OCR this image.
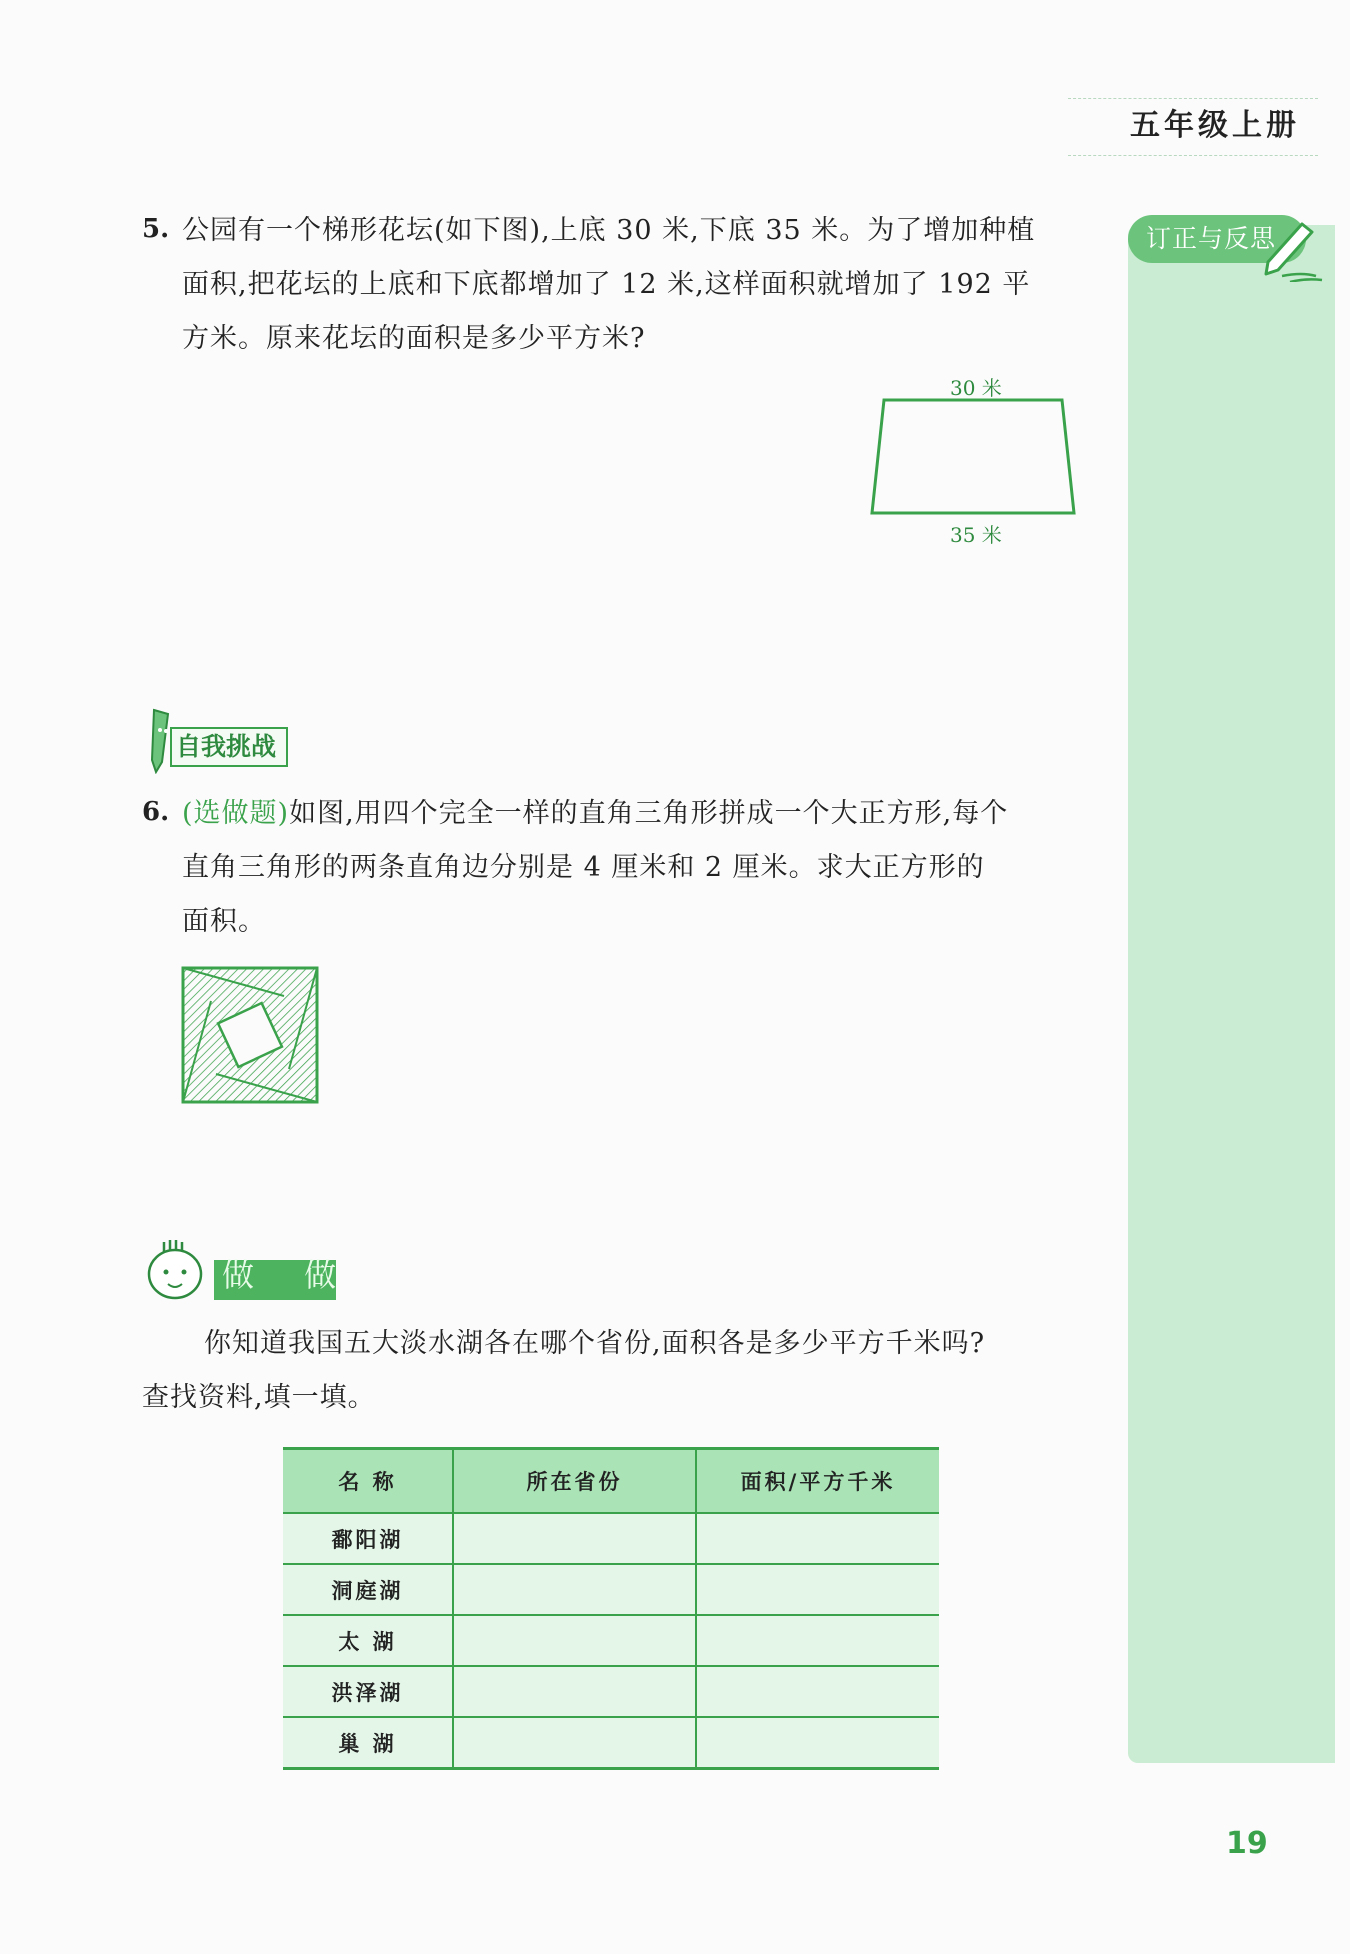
五年级上册
订正与反思
5. 公园有一个梯形花坛(如下图),上底 30 米,下底 35 米。为了增加种植
面积,把花坛的上底和下底都增加了 12 米,这样面积就增加了 192 平
方米。原来花坛的面积是多少平方米?
30 米
35 米
自我挑战
6. (选做题)如图,用四个完全一样的直角三角形拼成一个大正方形,每个
直角三角形的两条直角边分别是 4 厘米和 2 厘米。求大正方形的
面积。
做 做
你知道我国五大淡水湖各在哪个省份,面积各是多少平方千米吗?
查找资料,填一填。
名 称	所在省份	面积/平方千米
鄱阳湖		
洞庭湖		
太 湖		
洪泽湖		
巢 湖		
19
